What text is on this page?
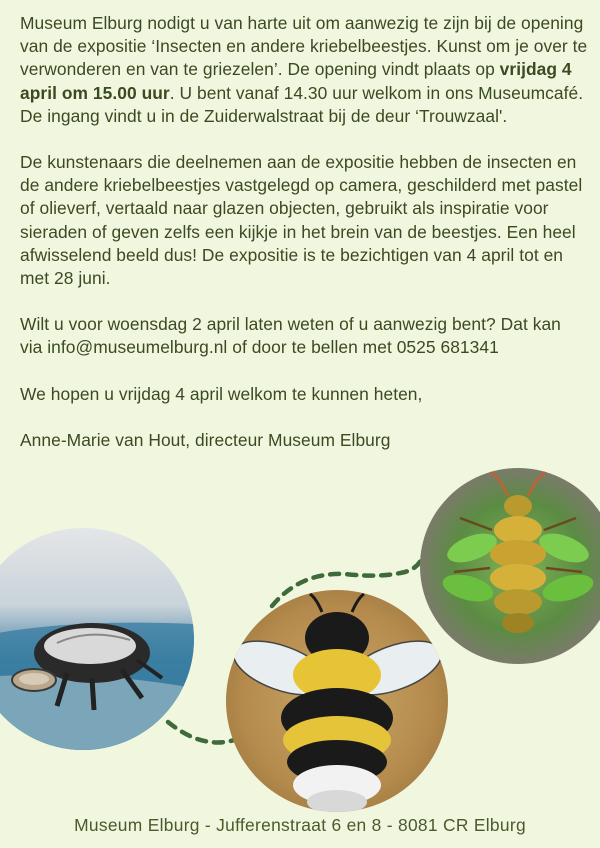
Museum Elburg nodigt u van harte uit om aanwezig te zijn bij de opening van de expositie ‘Insecten en andere kriebelbeestjes. Kunst om je over te verwonderen en van te griezelen’. De opening vindt plaats op vrijdag 4 april om 15.00 uur. U bent vanaf 14.30 uur welkom in ons Museumcafé. De ingang vindt u in de Zuiderwalstraat bij de deur ‘Trouwzaal'.

De kunstenaars die deelnemen aan de expositie hebben de insecten en de andere kriebelbeestjes vastgelegd op camera, geschilderd met pastel of olieverf, vertaald naar glazen objecten, gebruikt als inspiratie voor sieraden of geven zelfs een kijkje in het brein van de beestjes. Een heel afwisselend beeld dus! De expositie is te bezichtigen van 4 april tot en met 28 juni.

Wilt u voor woensdag 2 april laten weten of u aanwezig bent? Dat kan via info@museumelburg.nl of door te bellen met 0525 681341

We hopen u vrijdag 4 april welkom te kunnen heten,

Anne-Marie van Hout, directeur Museum Elburg

Museum Elburg - Jufferenstraat 6 en 8 - 8081 CR Elburg
